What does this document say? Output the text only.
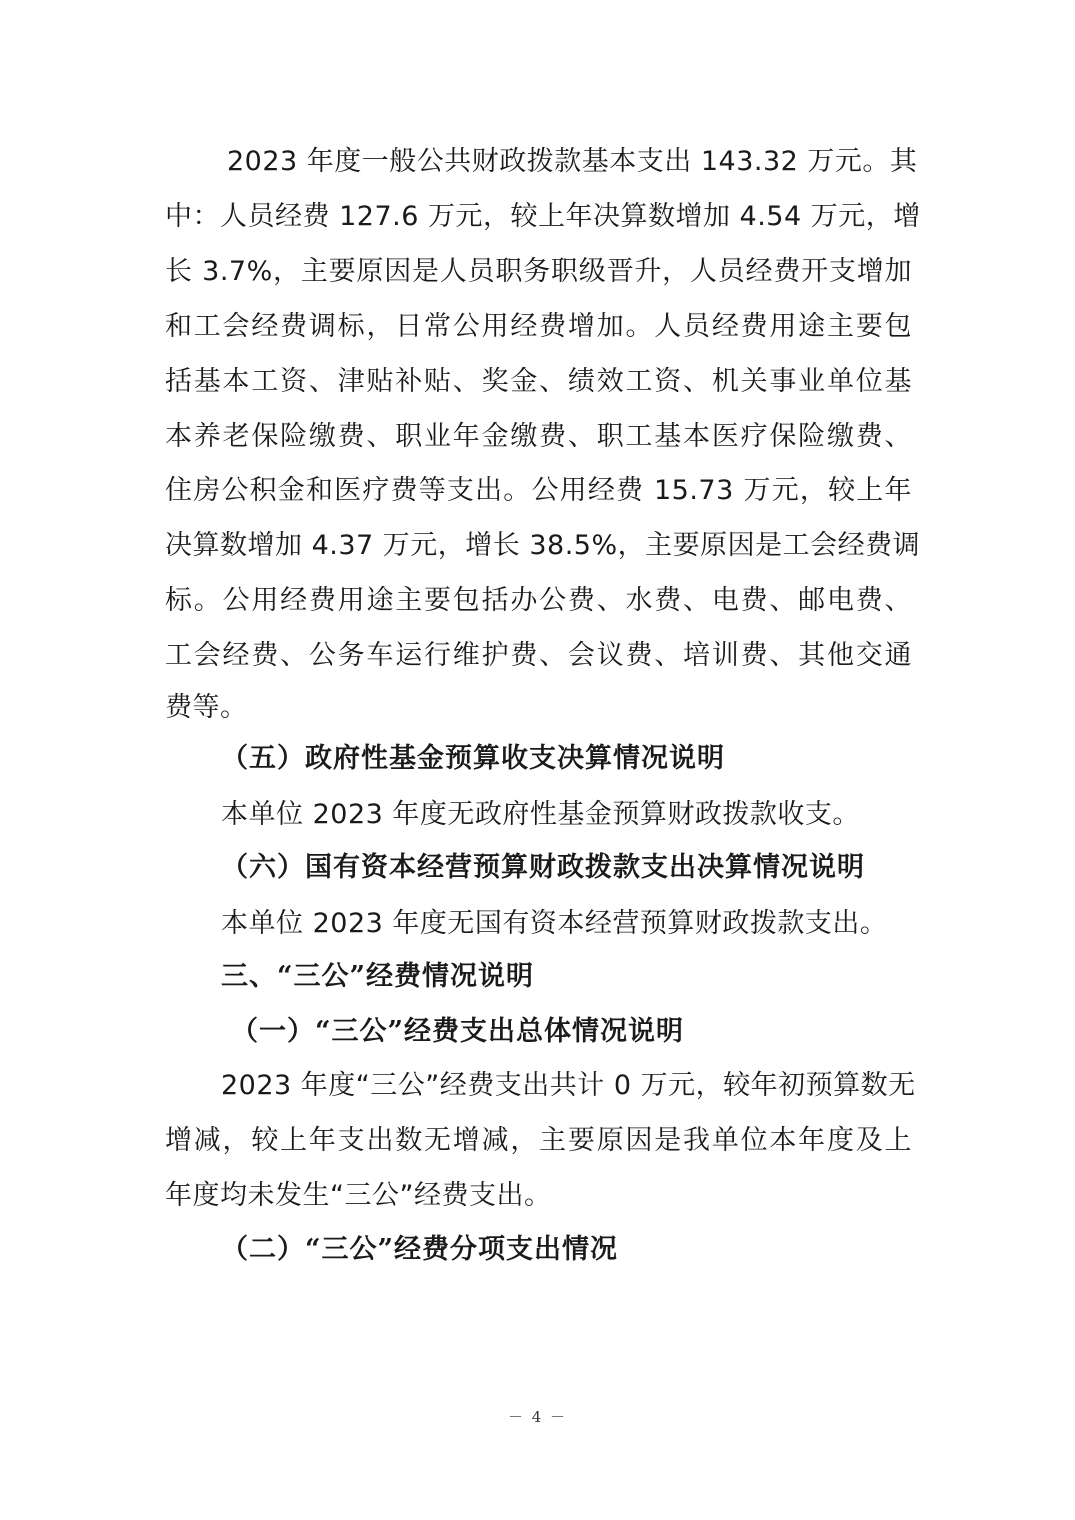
2023 年度一般公共财政拨款基本支出 143.32 万元。其

中：人员经费 127.6 万元，较上年决算数增加 4.54 万元，增

长 3.7%，主要原因是人员职务职级晋升，人员经费开支增加

和工会经费调标，日常公用经费增加。人员经费用途主要包

括基本工资、津贴补贴、奖金、绩效工资、机关事业单位基

本养老保险缴费、职业年金缴费、职工基本医疗保险缴费、

住房公积金和医疗费等支出。公用经费 15.73 万元，较上年

决算数增加 4.37 万元，增长 38.5%，主要原因是工会经费调

标。公用经费用途主要包括办公费、水费、电费、邮电费、

工会经费、公务车运行维护费、会议费、培训费、其他交通

费等。

（五）政府性基金预算收支决算情况说明

本单位 2023 年度无政府性基金预算财政拨款收支。

（六）国有资本经营预算财政拨款支出决算情况说明

本单位 2023 年度无国有资本经营预算财政拨款支出。

三、“三公”经费情况说明
（一）“三公”经费支出总体情况说明

2023 年度“三公”经费支出共计 0 万元，较年初预算数无

增减，较上年支出数无增减，主要原因是我单位本年度及上

年度均未发生“三公”经费支出。

（二）“三公”经费分项支出情况
－ 4 －
